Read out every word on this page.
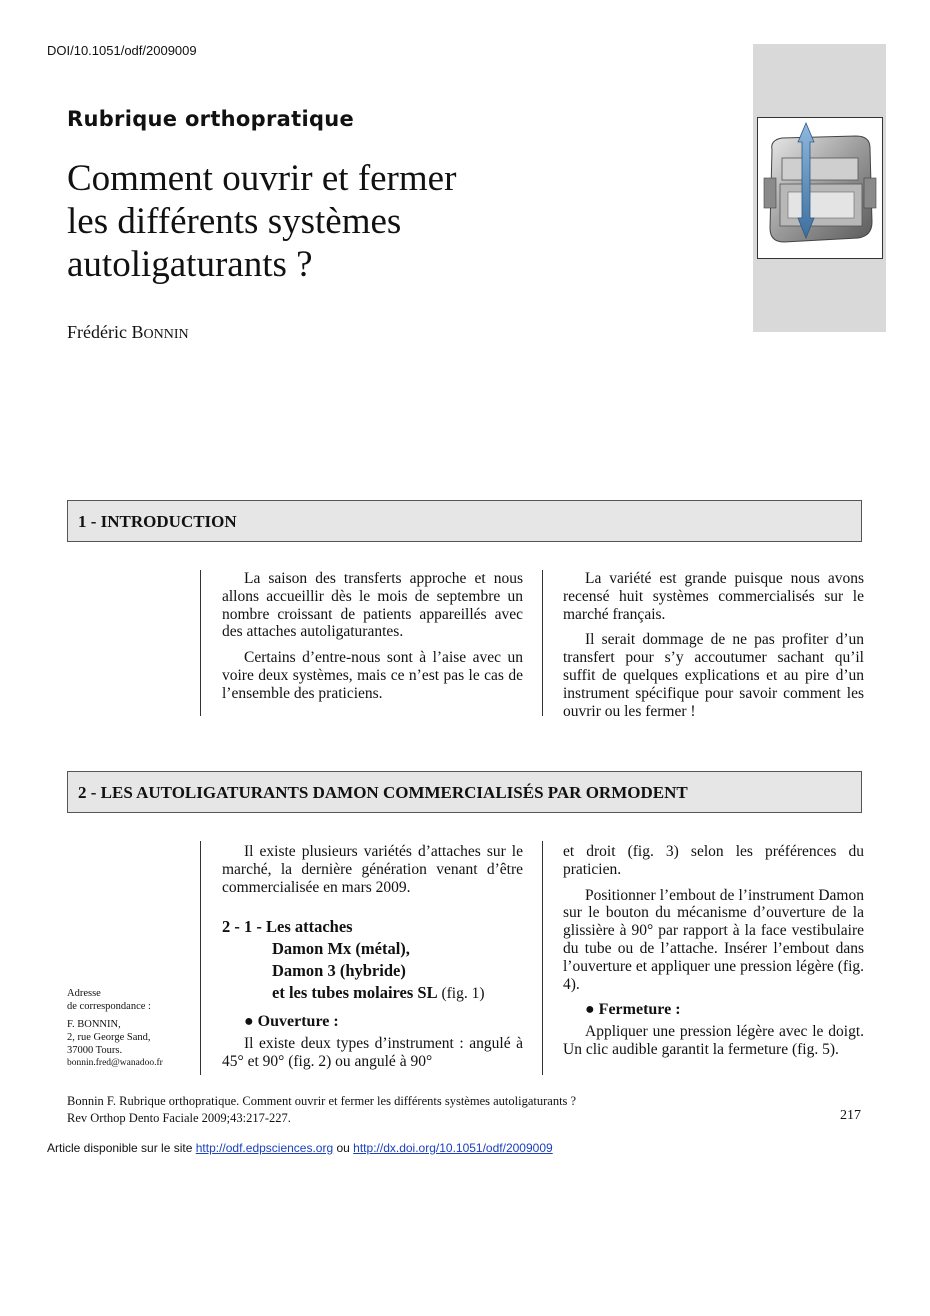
DOI/10.1051/odf/2009009
Rubrique orthopratique
Comment ouvrir et fermer
les différents systèmes
autoligaturants ?
Frédéric BONNIN
1 - INTRODUCTION

La saison des transferts approche et nous allons accueillir dès le mois de septembre un nombre croissant de patients appareillés avec des attaches autoligaturantes.

Certains d’entre-nous sont à l’aise avec un voire deux systèmes, mais ce n’est pas le cas de l’ensemble des praticiens.

La variété est grande puisque nous avons recensé huit systèmes commercialisés sur le marché français.

Il serait dommage de ne pas profiter d’un transfert pour s’y accoutumer sachant qu’il suffit de quelques explications et au pire d’un instrument spécifique pour savoir comment les ouvrir ou les fermer !

2 - LES AUTOLIGATURANTS DAMON COMMERCIALISÉS PAR ORMODENT

Il existe plusieurs variétés d’attaches sur le marché, la dernière génération venant d’être commercialisée en mars 2009.

2 - 1 - Les attaches
Damon Mx (métal),
Damon 3 (hybride)
et les tubes molaires SL (fig. 1)
● Ouverture :

Il existe deux types d’instrument : angulé à 45° et 90° (fig. 2) ou angulé à 90°

et droit (fig. 3) selon les préférences du praticien.

Positionner l’embout de l’instrument Damon sur le bouton du mécanisme d’ouverture de la glissière à 90° par rapport à la face vestibulaire du tube ou de l’attache. Insérer l’embout dans l’ouverture et appliquer une pression légère (fig. 4).

● Fermeture :

Appliquer une pression légère avec le doigt. Un clic audible garantit la fermeture (fig. 5).

Adresse
de correspondance :
F. BONNIN,
2, rue George Sand,
37000 Tours.
bonnin.fred@wanadoo.fr
Bonnin F. Rubrique orthopratique. Comment ouvrir et fermer les différents systèmes autoligaturants ?
Rev Orthop Dento Faciale 2009;43:217-227.	217
Article disponible sur le site http://odf.edpsciences.org ou http://dx.doi.org/10.1051/odf/2009009
